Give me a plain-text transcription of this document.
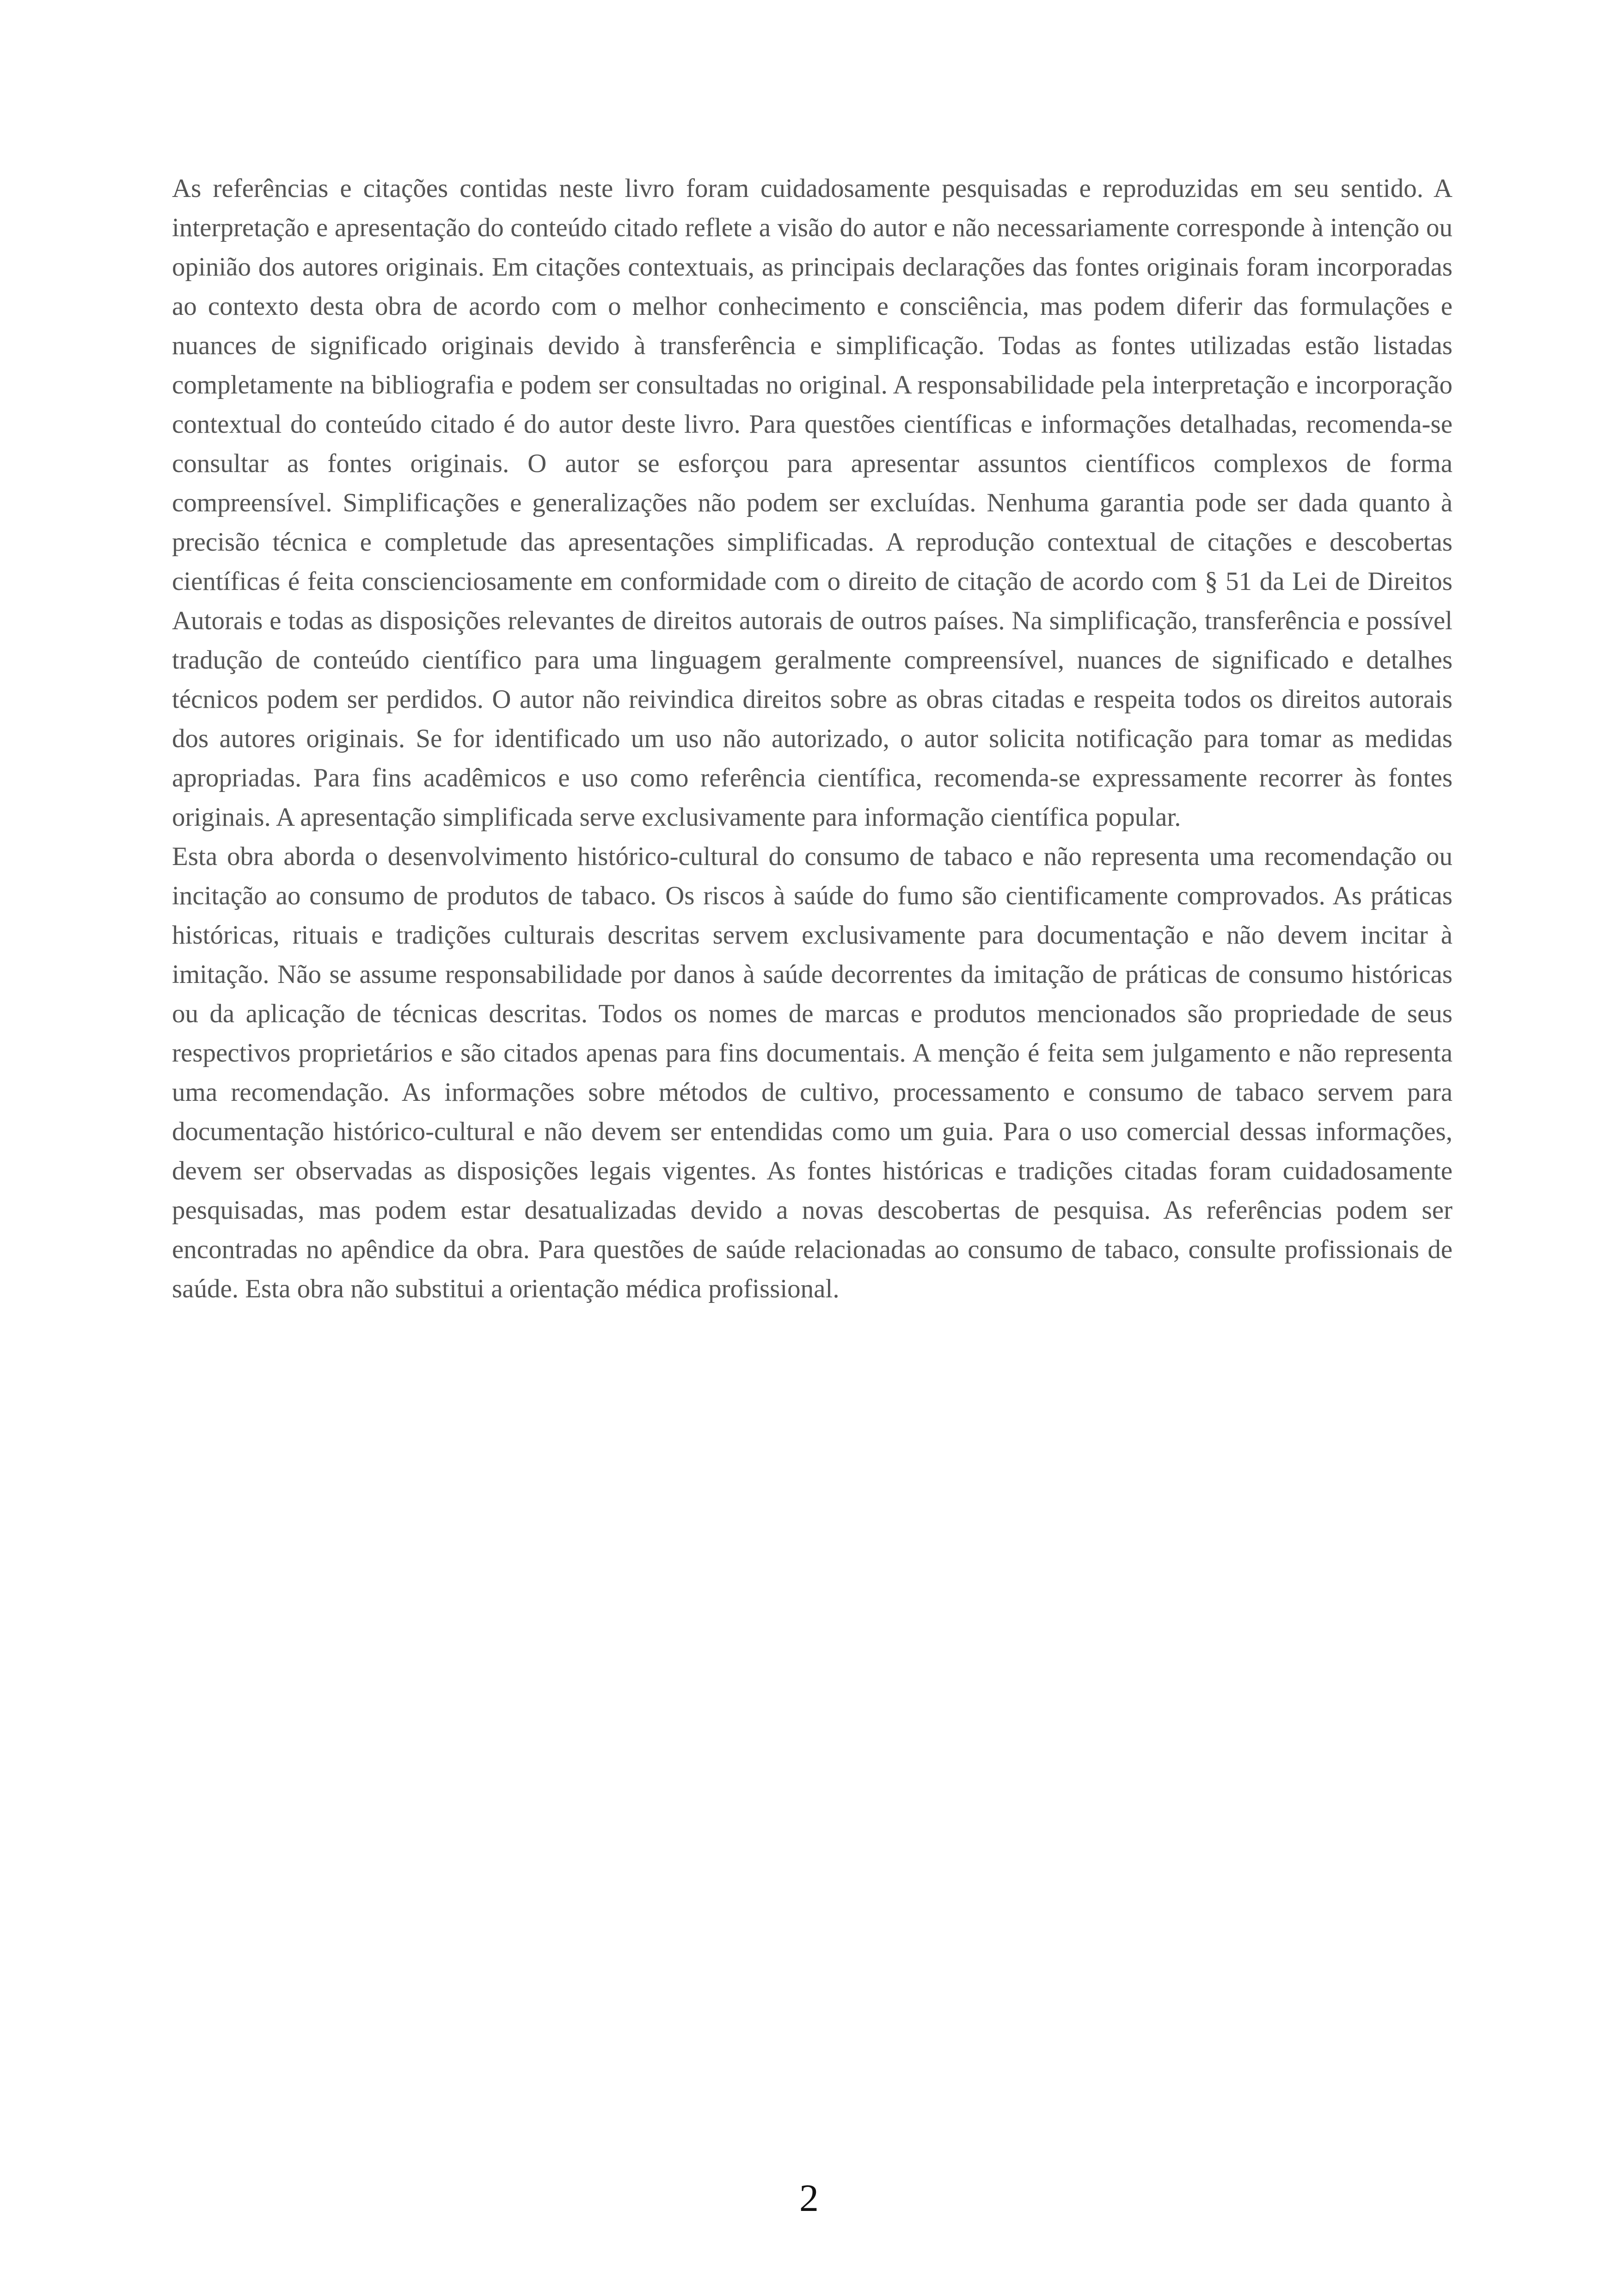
As referências e citações contidas neste livro foram cuidadosamente pesquisadas e reproduzidas em seu sentido. A interpretação e apresentação do conteúdo citado reflete a visão do autor e não necessariamente corresponde à intenção ou opinião dos autores originais. Em citações contextuais, as principais declarações das fontes originais foram incorporadas ao contexto desta obra de acordo com o melhor conhecimento e consciência, mas podem diferir das formulações e nuances de significado originais devido à transferência e simplificação. Todas as fontes utilizadas estão listadas completamente na bibliografia e podem ser consultadas no original. A responsabilidade pela interpretação e incorporação contextual do conteúdo citado é do autor deste livro. Para questões científicas e informações detalhadas, recomenda-se consultar as fontes originais. O autor se esforçou para apresentar assuntos científicos complexos de forma compreensível. Simplificações e generalizações não podem ser excluídas. Nenhuma garantia pode ser dada quanto à precisão técnica e completude das apresentações simplificadas. A reprodução contextual de citações e descobertas científicas é feita conscienciosamente em conformidade com o direito de citação de acordo com § 51 da Lei de Direitos Autorais e todas as disposições relevantes de direitos autorais de outros países. Na simplificação, transferência e possível tradução de conteúdo científico para uma linguagem geralmente compreensível, nuances de significado e detalhes técnicos podem ser perdidos. O autor não reivindica direitos sobre as obras citadas e respeita todos os direitos autorais dos autores originais. Se for identificado um uso não autorizado, o autor solicita notificação para tomar as medidas apropriadas. Para fins acadêmicos e uso como referência científica, recomenda-se expressamente recorrer às fontes originais. A apresentação simplificada serve exclusivamente para informação científica popular.

Esta obra aborda o desenvolvimento histórico-cultural do consumo de tabaco e não representa uma recomendação ou incitação ao consumo de produtos de tabaco. Os riscos à saúde do fumo são cientificamente comprovados. As práticas históricas, rituais e tradições culturais descritas servem exclusivamente para documentação e não devem incitar à imitação. Não se assume responsabilidade por danos à saúde decorrentes da imitação de práticas de consumo históricas ou da aplicação de técnicas descritas. Todos os nomes de marcas e produtos mencionados são propriedade de seus respectivos proprietários e são citados apenas para fins documentais. A menção é feita sem julgamento e não representa uma recomendação. As informações sobre métodos de cultivo, processamento e consumo de tabaco servem para documentação histórico-cultural e não devem ser entendidas como um guia. Para o uso comercial dessas informações, devem ser observadas as disposições legais vigentes. As fontes históricas e tradições citadas foram cuidadosamente pesquisadas, mas podem estar desatualizadas devido a novas descobertas de pesquisa. As referências podem ser encontradas no apêndice da obra. Para questões de saúde relacionadas ao consumo de tabaco, consulte profissionais de saúde. Esta obra não substitui a orientação médica profissional.

2
